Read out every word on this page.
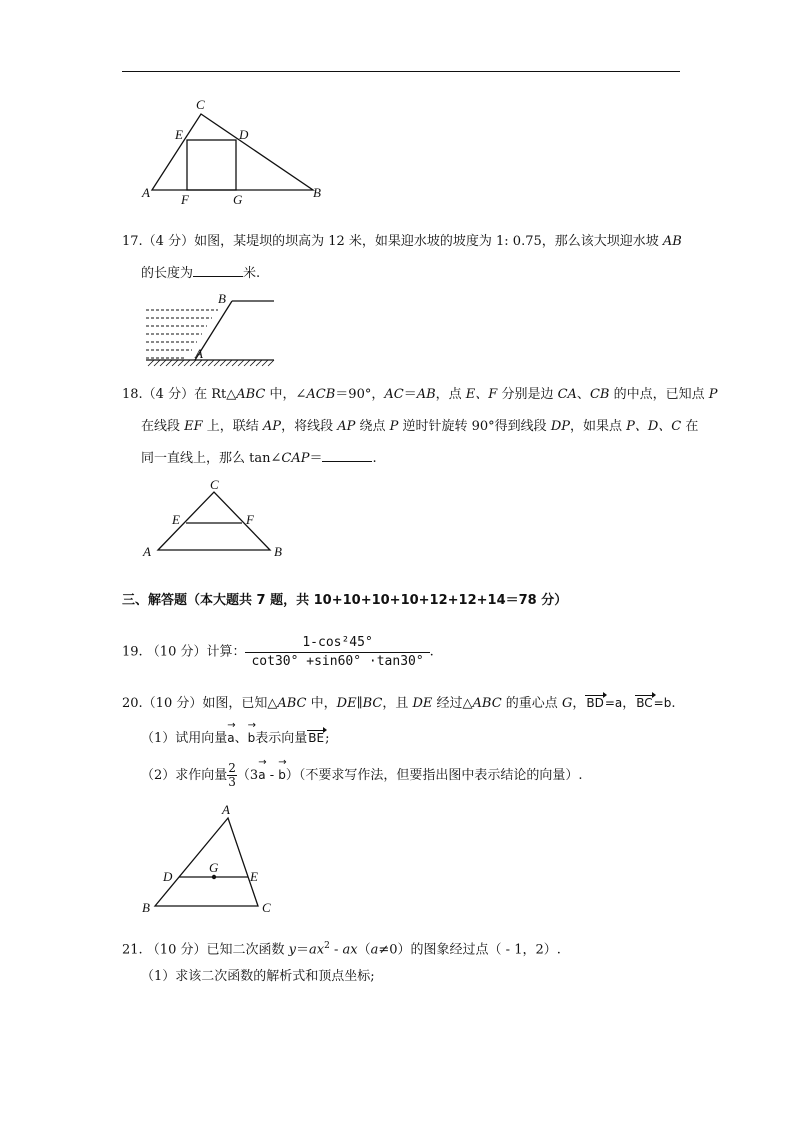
C
E	D
A F	G	B
17.（4 分）如图，某堤坝的坝高为 12 米，如果迎水坡的坡度为 1: 0.75，那么该大坝迎水坡 AB
的长度为	米.
B
A
18.（4 分）在 Rt△ABC 中，∠ACB＝90°，AC＝AB，点 E、F 分别是边 CA、CB 的中点，已知点 P
在线段 EF 上，联结 AP，将线段 AP 绕点 P 逆时针旋转 90°得到线段 DP，如果点 P、D、C 在
同一直线上，那么 tan∠CAP＝	.
C
E	F
A	B
三、解答题（本大题共 7 题，共 10+10+10+10+12+12+14＝78 分）
19. （10 分）计算： $\frac{\text{1-cos²45°}}{\cot 30^\circ +\sin 60^\circ \cdot\tan 30^\circ}$ .
20.（10 分）如图，已知△ABC 中，DE∥BC，且 DE 经过△ABC 的重心点 G，BD=a，BC=b.
（1）试用向量→ a、→ b表示向量BE;
（2）求作向量 $\frac{2}{3} (3\to a$ - → b）（不要求写作法，但要指出图中表示结论的向量）.
A
D
G
E
B	C
21. （10 分）已知二次函数 $y=ax^2 - ax(a\ne 0)$的图象经过点（ - 1，2）.
（1）求该二次函数的解析式和顶点坐标;
